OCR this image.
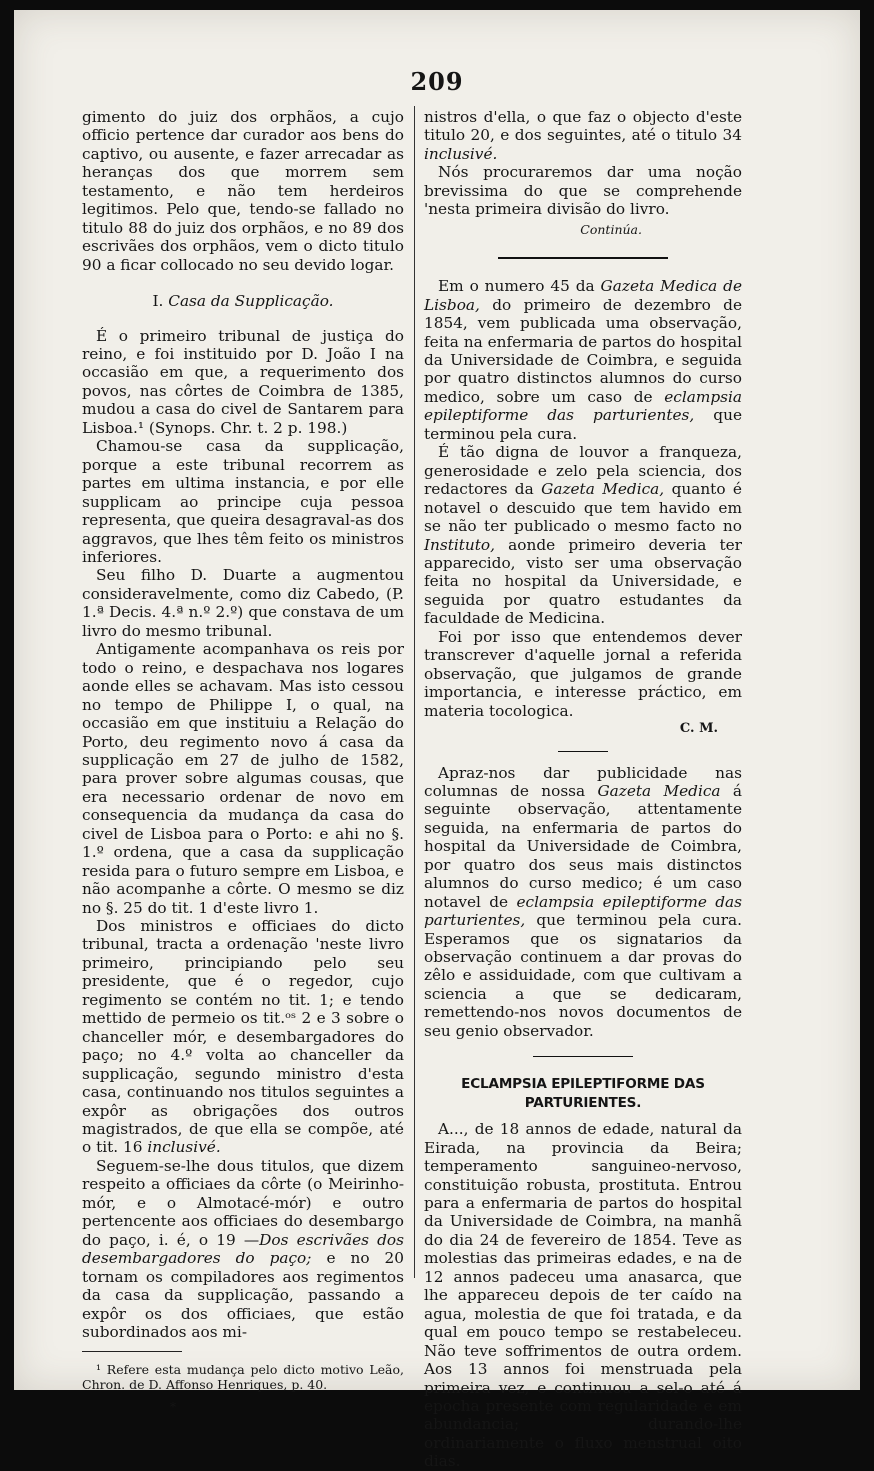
209

gimento do juiz dos orphãos, a cujo officio pertence dar curador aos bens do captivo, ou ausente, e fazer arrecadar as heranças dos que morrem sem testamento, e não tem herdeiros legitimos. Pelo que, tendo-se fallado no titulo 88 do juiz dos orphãos, e no 89 dos escrivães dos orphãos, vem o dicto titulo 90 a ficar collocado no seu devido logar.

I. Casa da Supplicação.

É o primeiro tribunal de justiça do reino, e foi instituido por D. João I na occasião em que, a requerimento dos povos, nas côrtes de Coimbra de 1385, mudou a casa do civel de Santarem para Lisboa.¹ (Synops. Chr. t. 2 p. 198.)

Chamou-se casa da supplicação, porque a este tribunal recorrem as partes em ultima instancia, e por elle supplicam ao principe cuja pessoa representa, que queira desagraval-as dos aggravos, que lhes têm feito os ministros inferiores.

Seu filho D. Duarte a augmentou consideravelmente, como diz Cabedo, (P. 1.ª Decis. 4.ª n.º 2.º) que constava de um livro do mesmo tribunal.

Antigamente acompanhava os reis por todo o reino, e despachava nos logares aonde elles se achavam. Mas isto cessou no tempo de Philippe I, o qual, na occasião em que instituiu a Relação do Porto, deu regimento novo á casa da supplicação em 27 de julho de 1582, para prover sobre algumas cousas, que era necessario ordenar de novo em consequencia da mudança da casa do civel de Lisboa para o Porto: e ahi no §. 1.º ordena, que a casa da supplicação resida para o futuro sempre em Lisboa, e não acompanhe a côrte. O mesmo se diz no §. 25 do tit. 1 d'este livro 1.

Dos ministros e officiaes do dicto tribunal, tracta a ordenação 'neste livro primeiro, principiando pelo seu presidente, que é o regedor, cujo regimento se contém no tit. 1; e tendo mettido de permeio os tit.ᵒˢ 2 e 3 sobre o chanceller mór, e desembargadores do paço; no 4.º volta ao chanceller da supplicação, segundo ministro d'esta casa, continuando nos titulos seguintes a expôr as obrigações dos outros magistrados, de que ella se compõe, até o tit. 16 inclusivé.

Seguem-se-lhe dous titulos, que dizem respeito a officiaes da côrte (o Meirinho-mór, e o Almotacé-mór) e outro pertencente aos officiaes do desembargo do paço, i. é, o 19 —Dos escrivães dos desembargadores do paço; e no 20 tornam os compiladores aos regimentos da casa da supplicação, passando a expôr os dos officiaes, que estão subordinados aos mi-

¹ Refere esta mudança pelo dicto motivo Leão, Chron. de D. Affonso Henriques, p. 40.

*

nistros d'ella, o que faz o objecto d'este titulo 20, e dos seguintes, até o titulo 34 inclusivé.

Nós procuraremos dar uma noção brevissima do que se comprehende 'nesta primeira divisão do livro.

Continúa.

Em o numero 45 da Gazeta Medica de Lisboa, do primeiro de dezembro de 1854, vem publicada uma observação, feita na enfermaria de partos do hospital da Universidade de Coimbra, e seguida por quatro distinctos alumnos do curso medico, sobre um caso de eclampsia epileptiforme das parturientes, que terminou pela cura.

É tão digna de louvor a franqueza, generosidade e zelo pela sciencia, dos redactores da Gazeta Medica, quanto é notavel o descuido que tem havido em se não ter publicado o mesmo facto no Instituto, aonde primeiro deveria ter apparecido, visto ser uma observação feita no hospital da Universidade, e seguida por quatro estudantes da faculdade de Medicina.

Foi por isso que entendemos dever transcrever d'aquelle jornal a referida observação, que julgamos de grande importancia, e interesse práctico, em materia tocologica.

C. M.

Apraz-nos dar publicidade nas columnas de nossa Gazeta Medica á seguinte observação, attentamente seguida, na enfermaria de partos do hospital da Universidade de Coimbra, por quatro dos seus mais distinctos alumnos do curso medico; é um caso notavel de eclampsia epileptiforme das parturientes, que terminou pela cura. Esperamos que os signatarios da observação continuem a dar provas do zêlo e assiduidade, com que cultivam a sciencia a que se dedicaram, remettendo-nos novos documentos de seu genio observador.

ECLAMPSIA EPILEPTIFORME DAS PARTURIENTES.

A..., de 18 annos de edade, natural da Eirada, na provincia da Beira; temperamento sanguineo-nervoso, constituição robusta, prostituta. Entrou para a enfermaria de partos do hospital da Universidade de Coimbra, na manhã do dia 24 de fevereiro de 1854. Teve as molestias das primeiras edades, e na de 12 annos padeceu uma anasarca, que lhe appareceu depois de ter caído na agua, molestia de que foi tratada, e da qual em pouco tempo se restabeleceu. Não teve soffrimentos de outra ordem. Aos 13 annos foi menstruada pela primeira vez, e continuou a sel-o até á epocha presente com regularidade e em abundancia; durando-lhe ordinariamente o fluxo menstrual oito dias.
